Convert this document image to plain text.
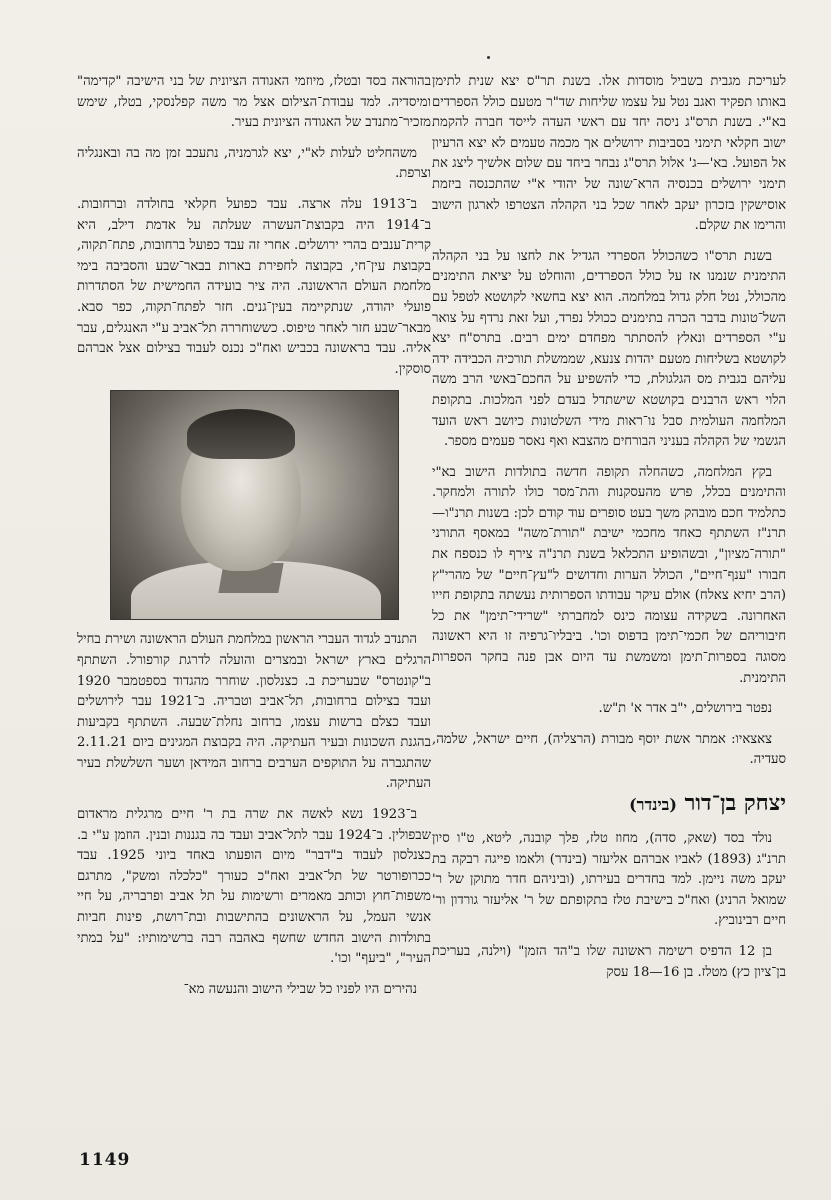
לעריכת מגבית בשביל מוסדות אלו. בשנת תר"ס יצא שנית לתימן באותו תפקיד ואגב נטל על עצמו שליחות שד"ר מטעם כולל הספרדים בא"י. בשנת תרס"ג ניסה יחד עם ראשי העדה לייסד חברה להקמת ישוב חקלאי תימני בסביבות ירושלים אך מכמה טעמים לא יצא הרעיון אל הפועל. בא'—ג' אלול תרס"ג נבחר ביחד עם שלום אלשיך ליצג את תימני ירושלים בכנסיה הרא־שונה של יהודי א"י שהתכנסה ביזמת אוסישקין בזכרון יעקב לאחר שכל בני הקהלה הצטרפו לארגון הישוב והרימו את שקלם.

בשנת תרס"ו כשהכולל הספרדי הגדיל את לחצו על בני הקהלה התימנית שנמנו אז על כולל הספרדים, והוחלט על יציאת התימנים מהכולל, נטל חלק גדול במלחמה. הוא יצא בחשאי לקושטא לטפל עם השל־טונות בדבר הכרה בתימנים ככולל נפרד, ועל זאת נרדף על צואר ע"י הספרדים ונאלץ להסתתר מפחדם ימים רבים. בתרס"ח יצא לקושטא בשליחות מטעם יהדות צנעא, שממשלת תורכיה הכבידה ידה עליהם בגבית מס הגלגולת, כדי להשפיע על החכם־באשי הרב משה הלוי ראש הרבנים בקושטא שישתדל בעדם לפני המלכות. בתקופת המלחמה העולמית סבל נו־ראות מידי השלטונות כיושב ראש הועד הגשמי של הקהלה בעניני הבורחים מהצבא ואף נאסר פעמים מספר.

בקץ המלחמה, כשהחלה תקופה חדשה בתולדות הישוב בא"י והתימנים בכלל, פרש מהעסקנות והת־מסר כולו לתורה ולמחקר. כתלמיד חכם מובהק משך בעט סופרים עוד קודם לכן: בשנות תרנ"ו—תרנ"ז השתתף כאחד מחכמי ישיבת "תורת־משה" במאסף התורני "תורה־מציון", ובשהופיע התכלאל בשנת תרנ"ה צירף לו כנספח את חבורו "ענף־חיים", הכולל הערות וחדושים ל"עץ־חיים" של מהרי"ץ (הרב יחיא צאלח) אולם עיקר עבודתו הספרותית נעשתה בתקופת חייו האחרונה. בשקידה עצומה כינס למחברתי "שרידי־תימן" את כל חיבוריהם של חכמי־תימן בדפוס וכו'. ביבליו־גרפיה זו היא ראשונה מסוגה בספרות־תימן ומשמשת עד היום אבן פנה בחקר הספרות התימנית.

נפטר בירושלים, י"ב אדר א' ת"ש.

צאצאיו: אמתר אשת יוסף מבורת (הרצליה), חיים ישראל, שלמה, סעדיה.

יצחק בן־דור (בינדר)

נולד בסד (שאק, סדה), מחוז טלז, פלך קובנה, ליטא, ט"ו סיון תרנ"ג (1893) לאביו אברהם אליעזר (בינדר) ולאמו פייגה רבקה בת יעקב משה ניימן. למד בחדרים בעירתו, (וביניהם חדר מתוקן של ר' שמואל הרניג) ואח"כ בישיבת טלז בתקופתם של ר' אליעזר גורדון ור' חיים רבינוביץ.

בן 12 הדפיס רשימה ראשונה שלו ב"הד הזמן" (וילנה, בעריכת בן־ציון כץ) מטלז. בן 16—18 עסק

בהוראה בסד ובטלז, מיוזמי האגודה הציונית של בני הישיבה "קדימה" ומיסדיה. למד עבודת־הצילום אצל מר משה קפלנסקי, בטלז, שימש מזכיר־מתנדב של האגודה הציונית בעיר.

משהחליט לעלות לא"י, יצא לגרמניה, נתעכב זמן מה בה ובאנגליה וצרפת.

ב־1913 עלה ארצה. עבד כפועל חקלאי בחולדה וברחובות. ב־1914 היה בקבוצת־העשרה שעלתה על אדמת דילב, היא קרית־ענבים בהרי ירושלים. אחרי זה עבד כפועל ברחובות, פתח־תקוה, בקבוצת עין־חי, בקבוצה לחפירת בארות בבאר־שבע והסביבה בימי מלחמת העולם הראשונה. היה ציר בועידה החמישית של הסתדרות פועלי יהודה, שנתקיימה בעין־גנים. חזר לפתח־תקוה, כפר סבא. מבאר־שבע חזר לאחר טיפוס. כששוחררה תל־אביב ע"י האנגלים, עבר אליה. עבד בראשונה בכביש ואח"כ נכנס לעבוד בצילום אצל אברהם סוסקין.

התנדב לגדוד העברי הראשון במלחמת העולם הראשונה ושירת בחיל הרגלים בארץ ישראל ובמצרים והועלה לדרגת קורפורל. השתתף ב"קונטרס" שבעריכת ב. כצנלסון. שוחרר מהגדוד בספטמבר 1920 ועבד בצילום ברחובות, תל־אביב וטבריה. ב־1921 עבר לירושלים ועבד כצלם ברשות עצמו, ברחוב נחלת־שבעה. השתתף בקביעות בהגנת השכונות ובעיר העתיקה. היה בקבוצת המגינים ביום 2.11.21 שהתגברה על התוקפים הערבים ברחוב המידאן ושער השלשלת בעיר העתיקה.

ב־1923 נשא לאשה את שרה בת ר' חיים מרגלית מראדום שבפולין. ב־1924 עבר לתל־אביב ועבד בה בגננות ובנין. הוזמן ע"י ב. כצנלסון לעבוד ב"דבר" מיום הופעתו באחד ביוני 1925. עבד ככרופורטר של תל־אביב ואח"כ כעורך "כלכלה ומשק", מתרגם משפות־חוץ וכותב מאמרים ורשימות על תל אביב ופרבריה, על חיי אנשי העמל, על הראשונים בהתישבות ובת־רושת, פינות חביות בתולדות הישוב החדש שחשף באהבה רבה ברשימותיו: "על במתי העיר", "ביעף" וכו'.

נהירים היו לפניו כל שבילי הישוב והנעשה מא־

1149
